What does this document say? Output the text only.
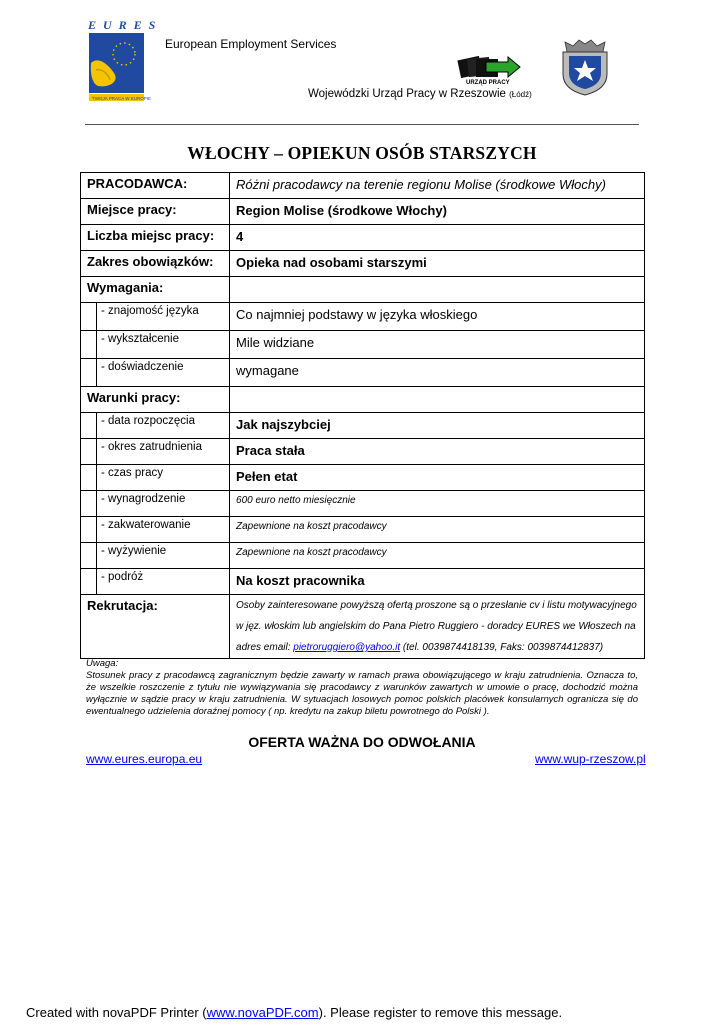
E U R E S
TWOJA PRACA W EUROPIE
European Employment Services
URZĄD PRACY
Wojewódzki Urząd Pracy w Rzeszowie (Łódź)
WŁOCHY – OPIEKUN OSÓB STARSZYCH
PRACODAWCA:		Różni pracodawcy na terenie regionu Molise (środkowe Włochy)
Miejsce pracy:		Region Molise (środkowe Włochy)
Liczba miejsc pracy:		4
Zakres obowiązków:		Opieka nad osobami starszymi
Wymagania:		
	- znajomość języka	Co najmniej podstawy w języka włoskiego
	- wykształcenie	Mile widziane
	- doświadczenie	wymagane
Warunki pracy:		
	- data rozpoczęcia	Jak najszybciej
	- okres zatrudnienia	Praca stała
	- czas pracy	Pełen etat
	- wynagrodzenie	600 euro netto miesięcznie
	- zakwaterowanie	Zapewnione na koszt pracodawcy
	- wyżywienie	Zapewnione na koszt pracodawcy
	- podróż	Na koszt pracownika
Rekrutacja:		Osoby zainteresowane powyższą ofertą proszone są o przesłanie cv i listu motywacyjnego
w jęz. włoskim lub angielskim do Pana Pietro Ruggiero - doradcy EURES we Włoszech na
adres email: pietroruggiero@yahoo.it (tel. 0039874418139, Faks: 0039874412837)
Uwaga:
Stosunek pracy z pracodawcą zagranicznym będzie zawarty w ramach prawa obowiązującego w kraju zatrudnienia. Oznacza to, że wszelkie roszczenie z tytułu nie wywiązywania się pracodawcy z warunków zawartych w umowie o pracę, dochodzić można wyłącznie w sądzie pracy w kraju zatrudnienia. W sytuacjach losowych pomoc polskich placówek konsularnych ogranicza się do ewentualnego udzielenia doraźnej pomocy ( np. kredytu na zakup biletu powrotnego do Polski ).
OFERTA WAŻNA DO ODWOŁANIA
www.eures.europa.eu	www.wup-rzeszow.pl
Created with novaPDF Printer (www.novaPDF.com). Please register to remove this message.
